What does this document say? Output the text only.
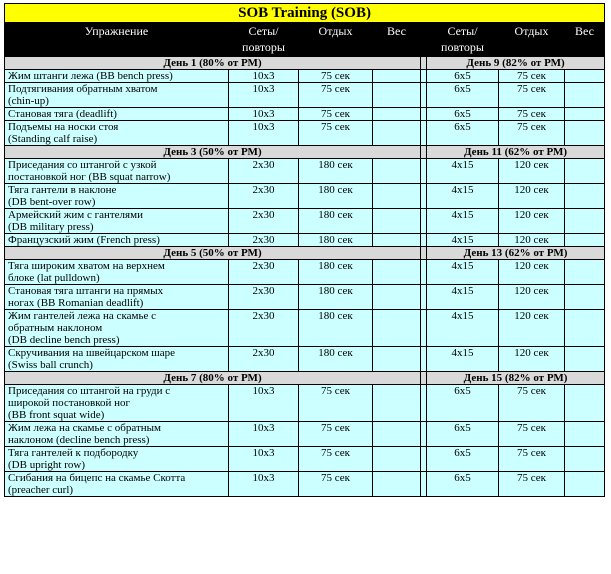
SOB Training (SOB)							
Упражнение	Сеты/ повторы	Отдых	Вес		Сеты/ повторы	Отдых	Вес
День 1 (80% от РМ)					День 9 (82% от РМ)		

Жим штанги лежа (BB bench press)	10x3	75 сек			6x5	75 сек	

Подтягивания обратным хватом
(chin-up)	10x3	75 сек			6x5	75 сек	

Становая тяга (deadlift)	10x3	75 сек			6x5	75 сек	

Подъемы на носки стоя
(Standing calf raise)	10x3	75 сек			6x5	75 сек	
День 3 (50% от РМ)					День 11 (62% от РМ)		

Приседания со штангой с узкой
постановкой ног (BB squat narrow)	2x30	180 сек			4x15	120 сек	

Тяга гантели в наклоне
(DB bent-over row)	2x30	180 сек			4x15	120 сек	

Армейский жим с гантелями
(DB military press)	2x30	180 сек			4x15	120 сек	

Французский жим (French press)	2x30	180 сек			4x15	120 сек	
День 5 (50% от РМ)					День 13 (62% от РМ)		

Тяга широким хватом на верхнем
блоке (lat pulldown)	2x30	180 сек			4x15	120 сек	

Становая тяга штанги на прямых
ногах (BB Romanian deadlift)	2x30	180 сек			4x15	120 сек	

Жим гантелей лежа на скамье с
обратным наклоном
(DB decline bench press)	2x30	180 сек			4x15	120 сек	

Скручивания на швейцарском шаре
(Swiss ball crunch)	2x30	180 сек			4x15	120 сек	
День 7 (80% от РМ)					День 15 (82% от РМ)		

Приседания со штангой на груди с
широкой постановкой ног
(BB front squat wide)	10x3	75 сек			6x5	75 сек	

Жим лежа на скамье с обратным
наклоном (decline bench press)	10x3	75 сек			6x5	75 сек	

Тяга гантелей к подбородку
(DB upright row)	10x3	75 сек			6x5	75 сек	

Сгибания на бицепс на скамье Скотта
(preacher curl)	10x3	75 сек			6x5	75 сек	
